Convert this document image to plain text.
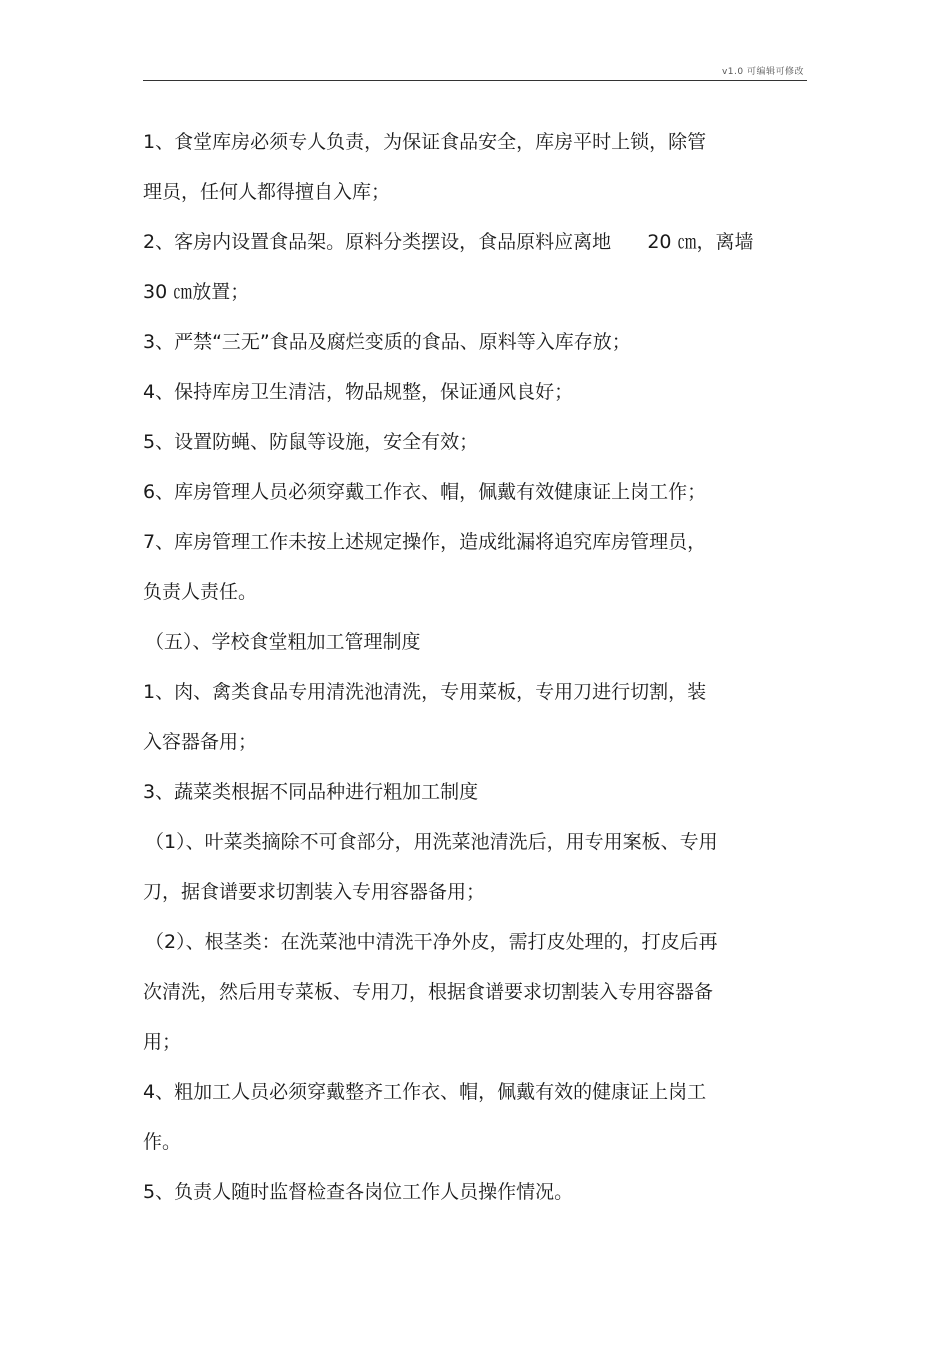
v1.0 可编辑可修改
1、食堂库房必须专人负责，为保证食品安全，库房平时上锁，除管
理员，任何人都得擅自入库；
2、客房内设置食品架。原料分类摆设，食品原料应离地      20 ㎝，离墙
30 ㎝放置；
3、严禁“三无”食品及腐烂变质的食品、原料等入库存放；
4、保持库房卫生清洁，物品规整，保证通风良好；
5、设置防蝇、防鼠等设施，安全有效；
6、库房管理人员必须穿戴工作衣、帽，佩戴有效健康证上岗工作；
7、库房管理工作未按上述规定操作，造成纰漏将追究库房管理员，
负责人责任。
（五）、学校食堂粗加工管理制度
1、肉、禽类食品专用清洗池清洗，专用菜板，专用刀进行切割，装
入容器备用；
3、蔬菜类根据不同品种进行粗加工制度
（1）、叶菜类摘除不可食部分，用洗菜池清洗后，用专用案板、专用
刀，据食谱要求切割装入专用容器备用；
（2）、根茎类：在洗菜池中清洗干净外皮，需打皮处理的，打皮后再
次清洗，然后用专菜板、专用刀，根据食谱要求切割装入专用容器备
用；
4、粗加工人员必须穿戴整齐工作衣、帽，佩戴有效的健康证上岗工
作。
5、负责人随时监督检查各岗位工作人员操作情况。
